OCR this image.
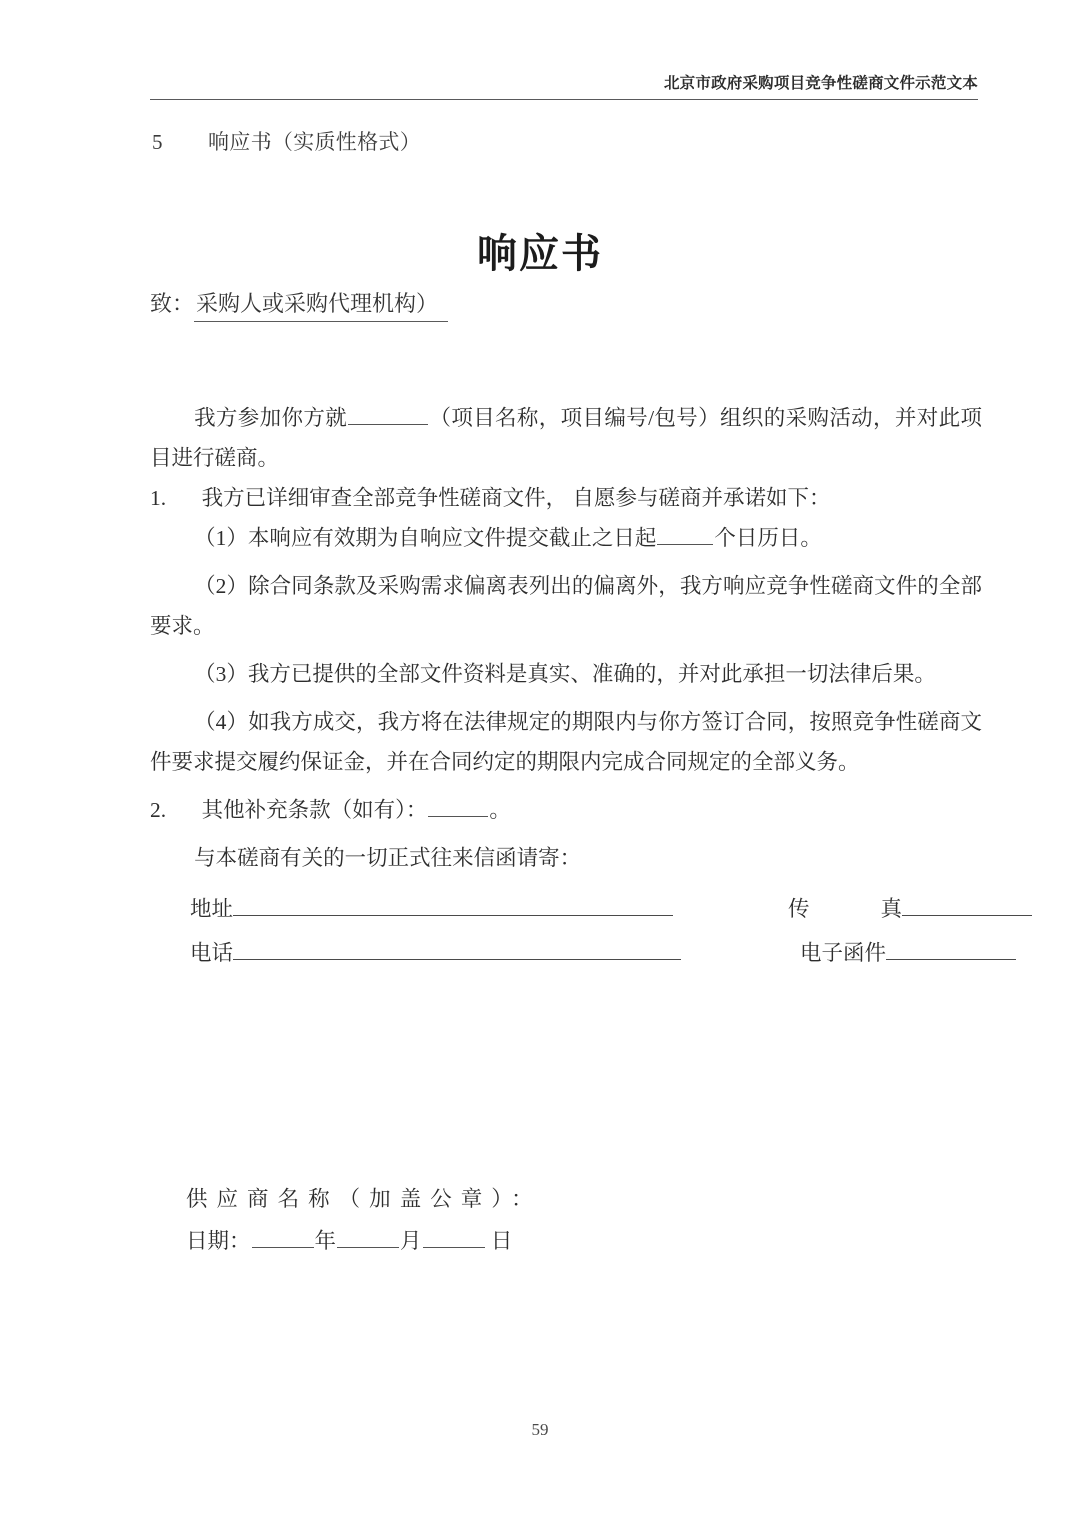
北京市政府采购项目竞争性磋商文件示范文本
5 响应书（实质性格式）
响应书
致：采购人或采购代理机构）

我方参加你方就	（项目名称，项目编号/包号）组织的采购活动，并对此项目进行磋商。

1. 我方已详细审查全部竞争性磋商文件， 自愿参与磋商并承诺如下：

（1）本响应有效期为自响应文件提交截止之日起	个日历日。

（2）除合同条款及采购需求偏离表列出的偏离外，我方响应竞争性磋商文件的全部要求。

（3）我方已提供的全部文件资料是真实、准确的，并对此承担一切法律后果。

（4）如我方成交，我方将在法律规定的期限内与你方签订合同，按照竞争性磋商文件要求提交履约保证金，并在合同约定的期限内完成合同规定的全部义务。

2. 其他补充条款（如有）：	。

与本磋商有关的一切正式往来信函请寄：

地址	传	真
电话	电子函件
供应商名称（加盖公章）：
日期：	年	月	日
59
